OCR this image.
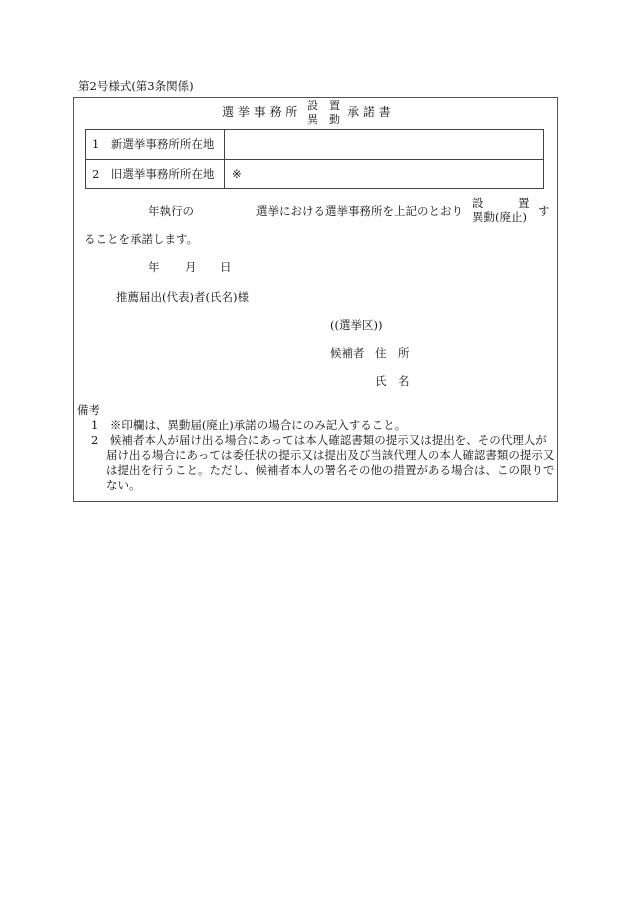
第2号様式(第3条関係)
選 挙 事 務 所 設　置
異　動
承 諾 書
1　新選挙事務所所在地
2　旧選挙事務所所在地 ※
年執行の	選挙における選挙事務所を上記のとおり
設　　　置
異動(廃止) す
ることを承諾します。
年 月 日
推薦届出(代表)者(氏名)様
((選挙区))
候補者 住　所
氏　名
備考
1　※印欄は、異動届(廃止)承諾の場合にのみ記入すること。
2　候補者本人が届け出る場合にあっては本人確認書類の提示又は提出を、その代理人が
届け出る場合にあっては委任状の提示又は提出及び当該代理人の本人確認書類の提示又
は提出を行うこと。ただし、候補者本人の署名その他の措置がある場合は、この限りで
ない。
